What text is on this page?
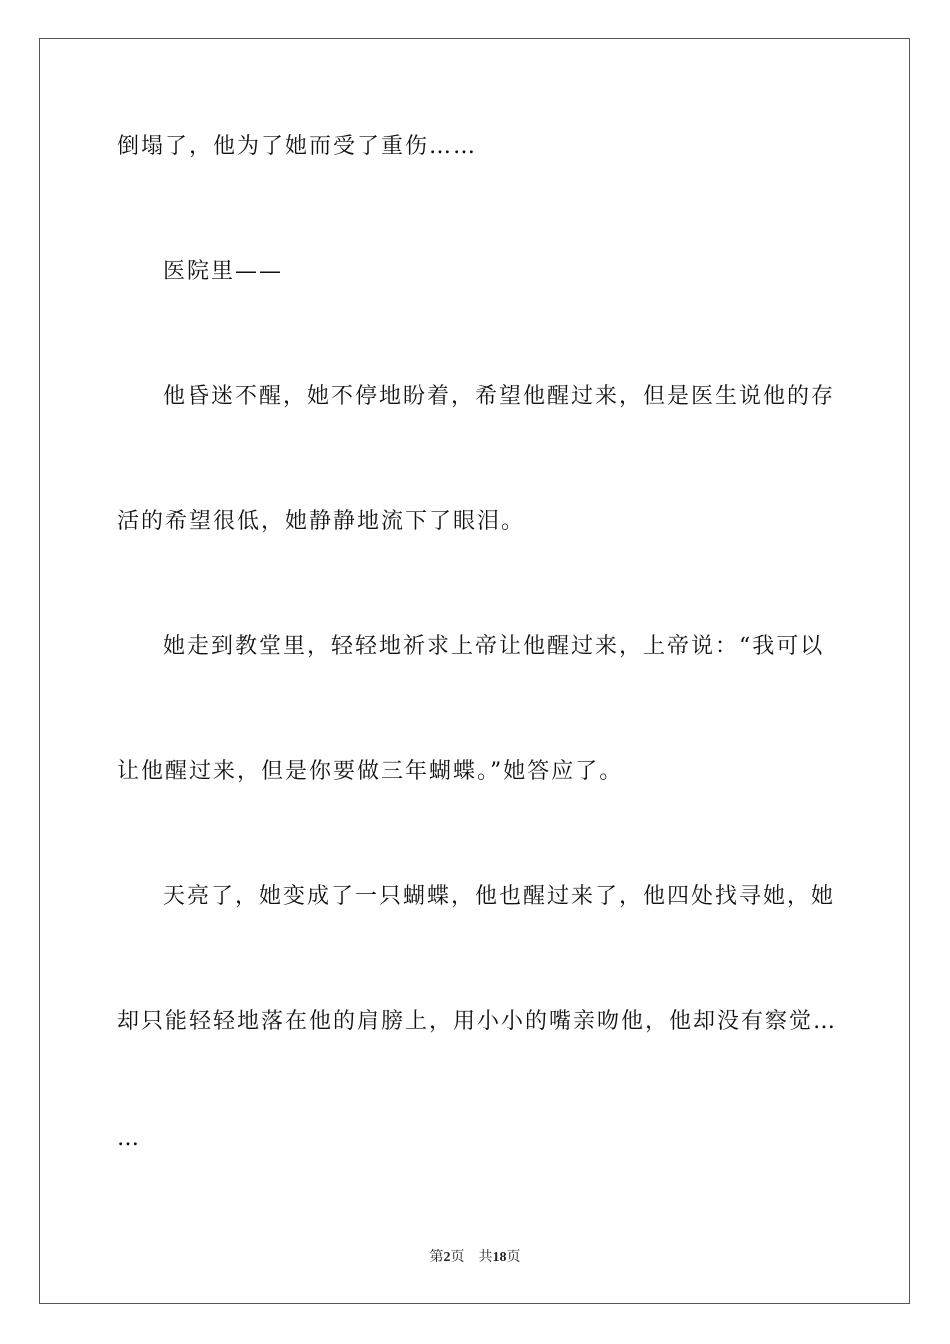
倒塌了，他为了她而受了重伤……
医院里——
他昏迷不醒，她不停地盼着，希望他醒过来，但是医生说他的存
活的希望很低，她静静地流下了眼泪。
她走到教堂里，轻轻地祈求上帝让他醒过来，上帝说：“我可以
让他醒过来，但是你要做三年蝴蝶。”她答应了。
天亮了，她变成了一只蝴蝶，他也醒过来了，他四处找寻她，她
却只能轻轻地落在他的肩膀上，用小小的嘴亲吻他，他却没有察觉…
…
第2页 共18页
